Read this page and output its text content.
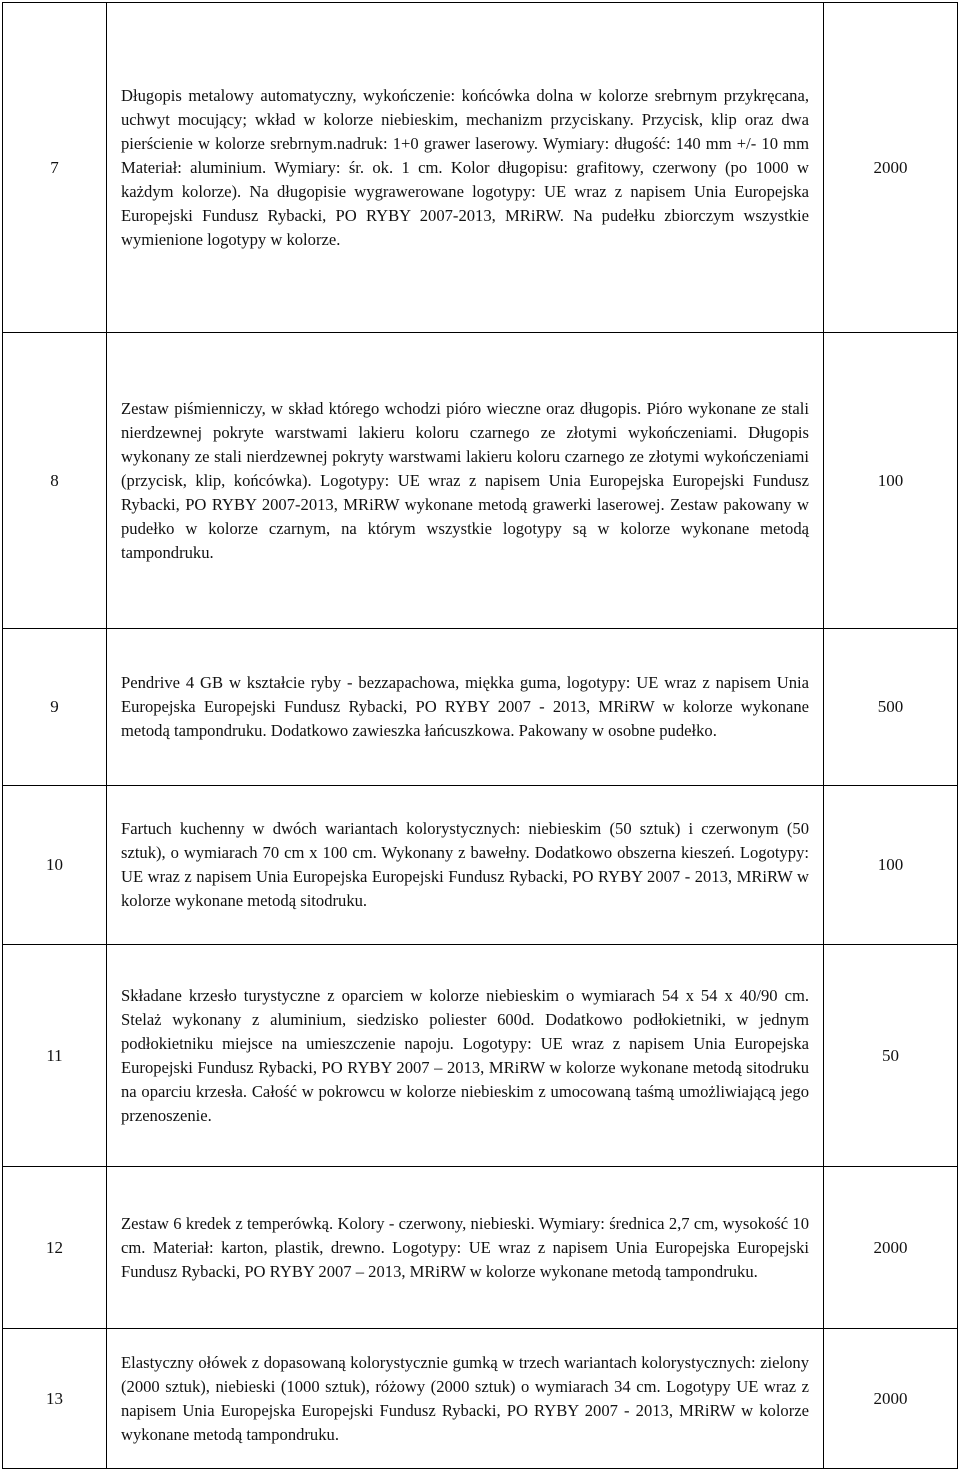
7	Długopis metalowy automatyczny, wykończenie: końcówka dolna w kolorze srebrnym przykręcana, uchwyt mocujący; wkład w kolorze niebieskim, mechanizm przyciskany. Przycisk, klip oraz dwa pierścienie w kolorze srebrnym.nadruk: 1+0 grawer laserowy. Wymiary: długość: 140 mm +/- 10 mm Materiał: aluminium. Wymiary: śr. ok. 1 cm. Kolor długopisu: grafitowy, czerwony (po 1000 w każdym kolorze). Na długopisie wygrawerowane logotypy: UE wraz z napisem Unia Europejska Europejski Fundusz Rybacki, PO RYBY 2007-2013, MRiRW. Na pudełku zbiorczym wszystkie wymienione logotypy w kolorze.	2000
8	Zestaw piśmienniczy, w skład którego wchodzi pióro wieczne oraz długopis. Pióro wykonane ze stali nierdzewnej pokryte warstwami lakieru koloru czarnego ze złotymi wykończeniami. Długopis wykonany ze stali nierdzewnej pokryty warstwami lakieru koloru czarnego ze złotymi wykończeniami (przycisk, klip, końcówka). Logotypy: UE wraz z napisem Unia Europejska Europejski Fundusz Rybacki, PO RYBY 2007-2013, MRiRW wykonane metodą grawerki laserowej. Zestaw pakowany w pudełko w kolorze czarnym, na którym wszystkie logotypy są w kolorze wykonane metodą tampondruku.	100
9	Pendrive 4 GB w kształcie ryby - bezzapachowa, miękka guma, logotypy: UE wraz z napisem Unia Europejska Europejski Fundusz Rybacki, PO RYBY 2007 - 2013, MRiRW w kolorze wykonane metodą tampondruku. Dodatkowo zawieszka łańcuszkowa. Pakowany w osobne pudełko.	500
10	Fartuch kuchenny w dwóch wariantach kolorystycznych: niebieskim (50 sztuk) i czerwonym (50 sztuk), o wymiarach 70 cm x 100 cm. Wykonany z bawełny. Dodatkowo obszerna kieszeń. Logotypy: UE wraz z napisem Unia Europejska Europejski Fundusz Rybacki, PO RYBY 2007 - 2013, MRiRW w kolorze wykonane metodą sitodruku.	100
11	Składane krzesło turystyczne z oparciem w kolorze niebieskim o wymiarach 54 x 54 x 40/90 cm. Stelaż wykonany z aluminium, siedzisko poliester 600d. Dodatkowo podłokietniki, w jednym podłokietniku miejsce na umieszczenie napoju. Logotypy: UE wraz z napisem Unia Europejska Europejski Fundusz Rybacki, PO RYBY 2007 – 2013, MRiRW w kolorze wykonane metodą sitodruku na oparciu krzesła. Całość w pokrowcu w kolorze niebieskim z umocowaną taśmą umożliwiającą jego przenoszenie.	50
12	Zestaw 6 kredek z temperówką. Kolory - czerwony, niebieski. Wymiary: średnica 2,7 cm, wysokość 10 cm. Materiał: karton, plastik, drewno. Logotypy: UE wraz z napisem Unia Europejska Europejski Fundusz Rybacki, PO RYBY 2007 – 2013, MRiRW w kolorze wykonane metodą tampondruku.	2000
13	Elastyczny ołówek z dopasowaną kolorystycznie gumką w trzech wariantach kolorystycznych: zielony (2000 sztuk), niebieski (1000 sztuk), różowy (2000 sztuk) o wymiarach 34 cm. Logotypy UE wraz z napisem Unia Europejska Europejski Fundusz Rybacki, PO RYBY 2007 - 2013, MRiRW w kolorze wykonane metodą tampondruku.	2000
